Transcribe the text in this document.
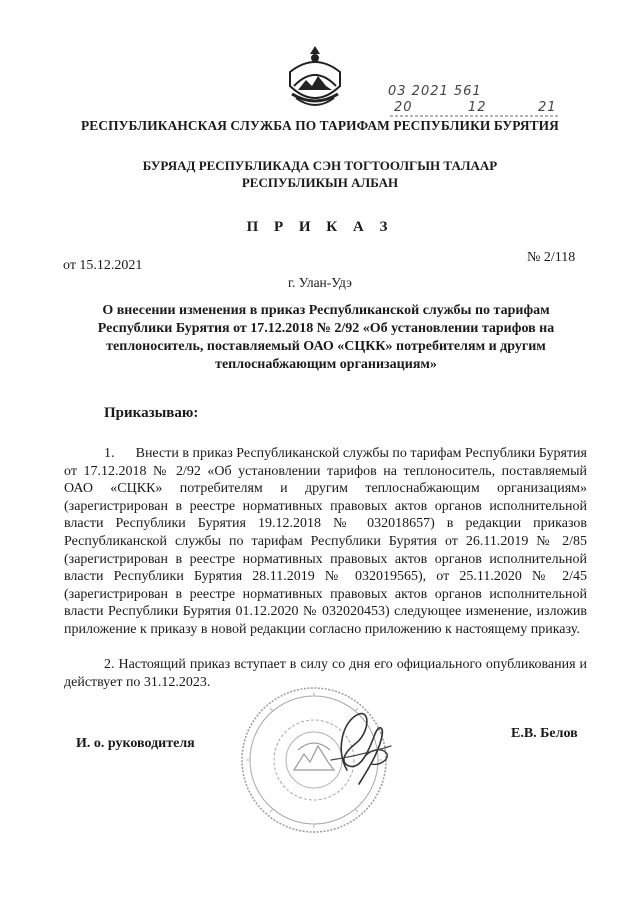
03 2021 561
20	12	21
РЕСПУБЛИКАНСКАЯ СЛУЖБА ПО ТАРИФАМ РЕСПУБЛИКИ БУРЯТИЯ
БУРЯАД РЕСПУБЛИКАДА СЭН ТОГТООЛГЫН ТАЛААР
РЕСПУБЛИКЫН АЛБАН
П Р И К А З
от 15.12.2021
№ 2/118
г. Улан-Удэ
О внесении изменения в приказ Республиканской службы по тарифам Республики Бурятия от 17.12.2018 № 2/92 «Об установлении тарифов на теплоноситель, поставляемый ОАО «СЦКК» потребителям и другим теплоснабжающим организациям»
Приказываю:
1.      Внести в приказ Республиканской службы по тарифам Республики Бурятия от 17.12.2018 № 2/92 «Об установлении тарифов на теплоноситель, поставляемый ОАО «СЦКК» потребителям и другим теплоснабжающим организациям» (зарегистрирован в реестре нормативных правовых актов органов исполнительной власти Республики Бурятия 19.12.2018 № 032018657) в редакции приказов Республиканской службы по тарифам Республики Бурятия от 26.11.2019 № 2/85 (зарегистрирован в реестре нормативных правовых актов органов исполнительной власти Республики Бурятия 28.11.2019 № 032019565), от 25.11.2020 № 2/45 (зарегистрирован в реестре нормативных правовых актов органов исполнительной власти Республики Бурятия 01.12.2020 № 032020453) следующее изменение, изложив приложение к приказу в новой редакции согласно приложению к настоящему приказу.
2. Настоящий приказ вступает в силу со дня его официального опубликования и действует по 31.12.2023.
И. о. руководителя
Е.В. Белов
